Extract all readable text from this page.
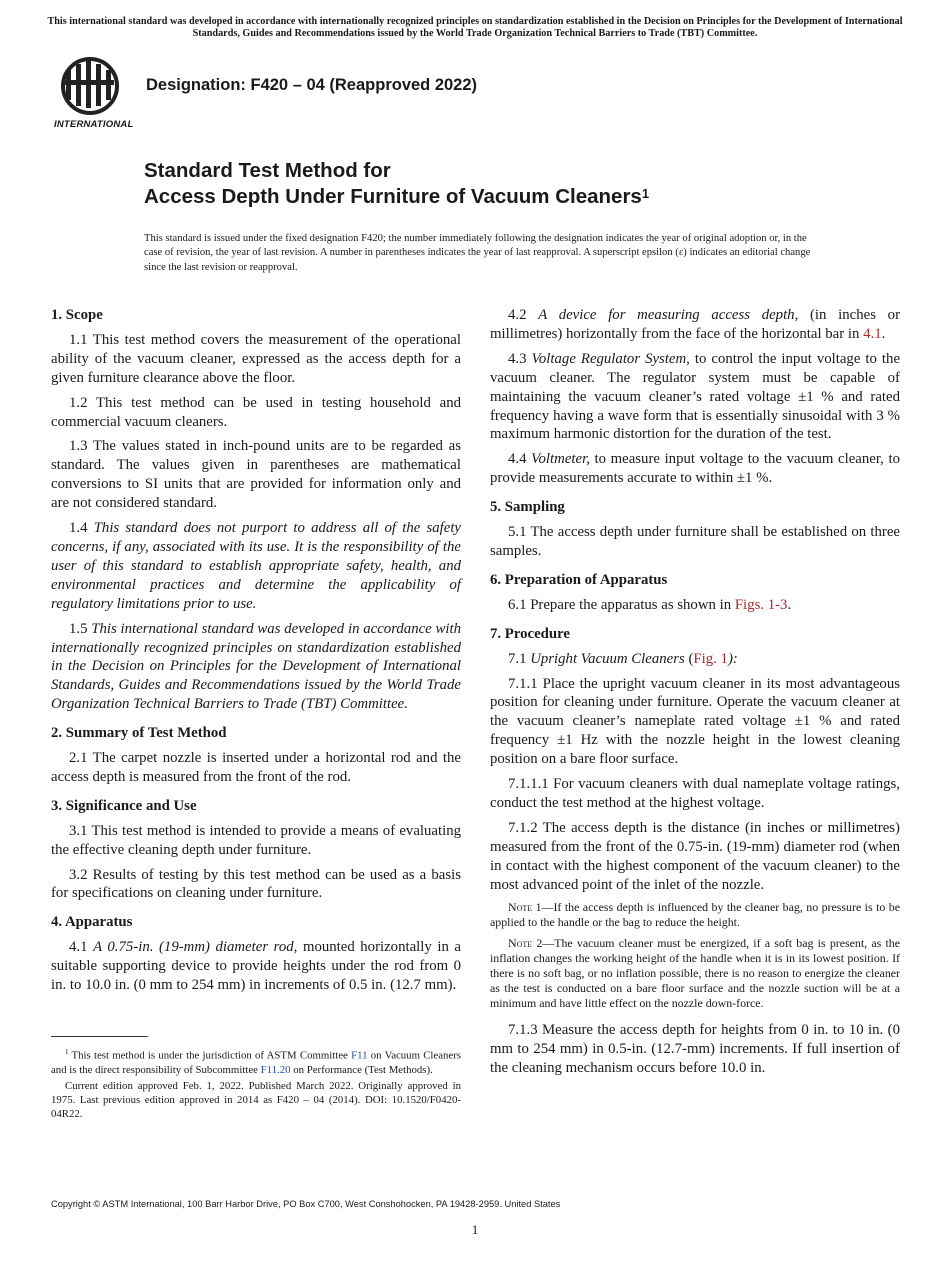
This international standard was developed in accordance with internationally recognized principles on standardization established in the Decision on Principles for the Development of International Standards, Guides and Recommendations issued by the World Trade Organization Technical Barriers to Trade (TBT) Committee.
INTERNATIONAL
Designation: F420 – 04 (Reapproved 2022)
Standard Test Method for
Access Depth Under Furniture of Vacuum Cleaners$^1$
This standard is issued under the fixed designation F420; the number immediately following the designation indicates the year of original adoption or, in the case of revision, the year of last revision. A number in parentheses indicates the year of last reapproval. A superscript epsilon (ε) indicates an editorial change since the last revision or reapproval.
1. Scope

1.1 This test method covers the measurement of the operational ability of the vacuum cleaner, expressed as the access depth for a given furniture clearance above the floor.

1.2 This test method can be used in testing household and commercial vacuum cleaners.

1.3 The values stated in inch-pound units are to be regarded as standard. The values given in parentheses are mathematical conversions to SI units that are provided for information only and are not considered standard.

1.4 This standard does not purport to address all of the safety concerns, if any, associated with its use. It is the responsibility of the user of this standard to establish appropriate safety, health, and environmental practices and determine the applicability of regulatory limitations prior to use.

1.5 This international standard was developed in accordance with internationally recognized principles on standardization established in the Decision on Principles for the Development of International Standards, Guides and Recommendations issued by the World Trade Organization Technical Barriers to Trade (TBT) Committee.

2. Summary of Test Method

2.1 The carpet nozzle is inserted under a horizontal rod and the access depth is measured from the front of the rod.

3. Significance and Use

3.1 This test method is intended to provide a means of evaluating the effective cleaning depth under furniture.

3.2 Results of testing by this test method can be used as a basis for specifications on cleaning under furniture.

4. Apparatus

4.1 A 0.75-in. (19-mm) diameter rod, mounted horizontally in a suitable supporting device to provide heights under the rod from 0 in. to 10.0 in. (0 mm to 254 mm) in increments of 0.5 in. (12.7 mm).

$^1$ This test method is under the jurisdiction of ASTM Committee F11 on Vacuum Cleaners and is the direct responsibility of Subcommittee F11.20 on Performance (Test Methods).

Current edition approved Feb. 1, 2022. Published March 2022. Originally approved in 1975. Last previous edition approved in 2014 as F420 – 04 (2014). DOI: 10.1520/F0420-04R22.

4.2 A device for measuring access depth, (in inches or millimetres) horizontally from the face of the horizontal bar in 4.1.

4.3 Voltage Regulator System, to control the input voltage to the vacuum cleaner. The regulator system must be capable of maintaining the vacuum cleaner’s rated voltage ±1 % and rated frequency having a wave form that is essentially sinusoidal with 3 % maximum harmonic distortion for the duration of the test.

4.4 Voltmeter, to measure input voltage to the vacuum cleaner, to provide measurements accurate to within ±1 %.

5. Sampling

5.1 The access depth under furniture shall be established on three samples.

6. Preparation of Apparatus

6.1 Prepare the apparatus as shown in Figs. 1-3.

7. Procedure

7.1 Upright Vacuum Cleaners (Fig. 1):

7.1.1 Place the upright vacuum cleaner in its most advantageous position for cleaning under furniture. Operate the vacuum cleaner at the vacuum cleaner’s nameplate rated voltage ±1 % and rated frequency ±1 Hz with the nozzle height in the lowest cleaning position on a bare floor surface.

7.1.1.1 For vacuum cleaners with dual nameplate voltage ratings, conduct the test method at the highest voltage.

7.1.2 The access depth is the distance (in inches or millimetres) measured from the front of the 0.75-in. (19-mm) diameter rod (when in contact with the highest component of the vacuum cleaner) to the most advanced point of the inlet of the nozzle.

Note 1—If the access depth is influenced by the cleaner bag, no pressure is to be applied to the handle or the bag to reduce the height.

Note 2—The vacuum cleaner must be energized, if a soft bag is present, as the inflation changes the working height of the handle when it is in its lowest position. If there is no soft bag, or no inflation possible, there is no reason to energize the cleaner as the test is conducted on a bare floor surface and the nozzle suction will be at a minimum and have little effect on the nozzle down-force.

7.1.3 Measure the access depth for heights from 0 in. to 10 in. (0 mm to 254 mm) in 0.5-in. (12.7-mm) increments. If full insertion of the cleaning mechanism occurs before 10.0 in.

Copyright © ASTM International, 100 Barr Harbor Drive, PO Box C700, West Conshohocken, PA 19428-2959. United States
1
